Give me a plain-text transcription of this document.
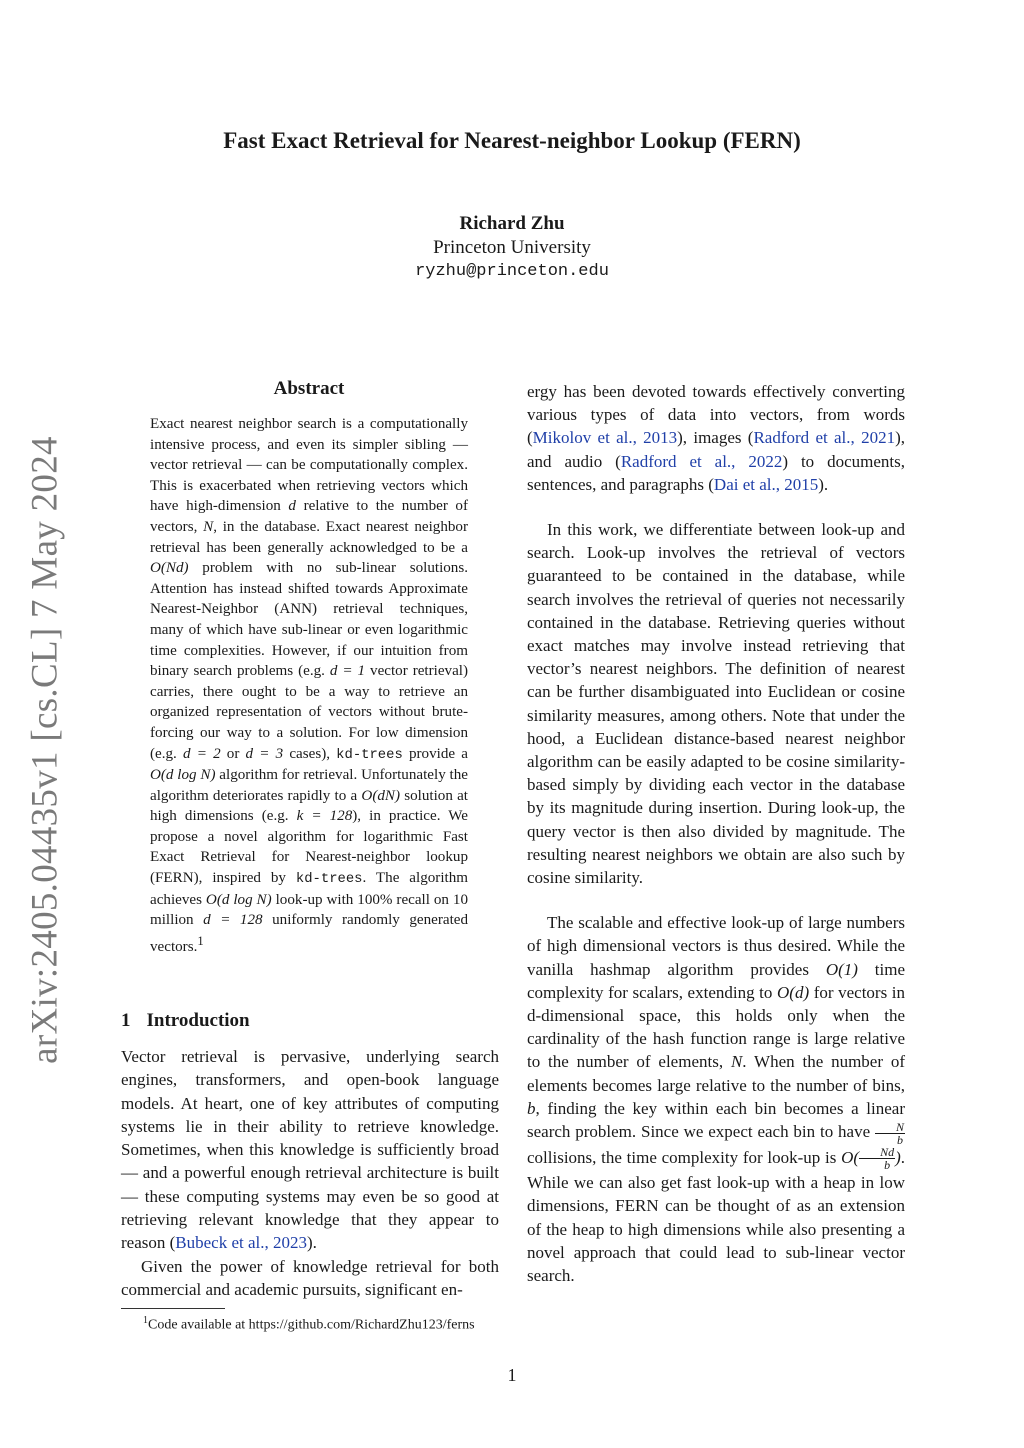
arXiv:2405.04435v1 [cs.CL] 7 May 2024
Fast Exact Retrieval for Nearest-neighbor Lookup (FERN)
Richard Zhu
Princeton University
ryzhu@princeton.edu
Abstract

Exact nearest neighbor search is a computationally intensive process, and even its simpler sibling — vector retrieval — can be computationally complex. This is exacerbated when retrieving vectors which have high-dimension d relative to the number of vectors, N, in the database. Exact nearest neighbor retrieval has been generally acknowledged to be a O(Nd) problem with no sub-linear solutions. Attention has instead shifted towards Approximate Nearest-Neighbor (ANN) retrieval techniques, many of which have sub-linear or even logarithmic time complexities. However, if our intuition from binary search problems (e.g. d = 1 vector retrieval) carries, there ought to be a way to retrieve an organized representation of vectors without brute-forcing our way to a solution. For low dimension (e.g. d = 2 or d = 3 cases), kd-trees provide a O(d log N) algorithm for retrieval. Unfortunately the algorithm deteriorates rapidly to a O(dN) solution at high dimensions (e.g. k = 128), in practice. We propose a novel algorithm for logarithmic Fast Exact Retrieval for Nearest-neighbor lookup (FERN), inspired by kd-trees. The algorithm achieves O(d log N) look-up with 100% recall on 10 million d = 128 uniformly randomly generated vectors.$^1$

1 Introduction

Vector retrieval is pervasive, underlying search engines, transformers, and open-book language models. At heart, one of key attributes of computing systems lie in their ability to retrieve knowledge. Sometimes, when this knowledge is sufficiently broad — and a powerful enough retrieval architecture is built — these computing systems may even be so good at retrieving relevant knowledge that they appear to reason (Bubeck et al., 2023).

Given the power of knowledge retrieval for both commercial and academic pursuits, significant en-

ergy has been devoted towards effectively converting various types of data into vectors, from words (Mikolov et al., 2013), images (Radford et al., 2021), and audio (Radford et al., 2022) to documents, sentences, and paragraphs (Dai et al., 2015).

In this work, we differentiate between look-up and search. Look-up involves the retrieval of vectors guaranteed to be contained in the database, while search involves the retrieval of queries not necessarily contained in the database. Retrieving queries without exact matches may involve instead retrieving that vector’s nearest neighbors. The definition of nearest can be further disambiguated into Euclidean or cosine similarity measures, among others. Note that under the hood, a Euclidean distance-based nearest neighbor algorithm can be easily adapted to be cosine similarity-based simply by dividing each vector in the database by its magnitude during insertion. During look-up, the query vector is then also divided by magnitude. The resulting nearest neighbors we obtain are also such by cosine similarity.

The scalable and effective look-up of large numbers of high dimensional vectors is thus desired. While the vanilla hashmap algorithm provides O(1) time complexity for scalars, extending to O(d) for vectors in d-dimensional space, this holds only when the cardinality of the hash function range is large relative to the number of elements, N. When the number of elements becomes large relative to the number of bins, b, finding the key within each bin becomes a linear search problem. Since we expect each bin to have $\frac{N}{b}$
collisions, the time complexity for look-up is $O( \frac{Nd}{b}$ ). While we can also get fast look-up with a heap in low dimensions, FERN can be thought of as an extension of the heap to high dimensions while also presenting a novel approach that could lead to sub-linear vector search.

$^1$Code available at https://github.com/RichardZhu123/ferns
1
